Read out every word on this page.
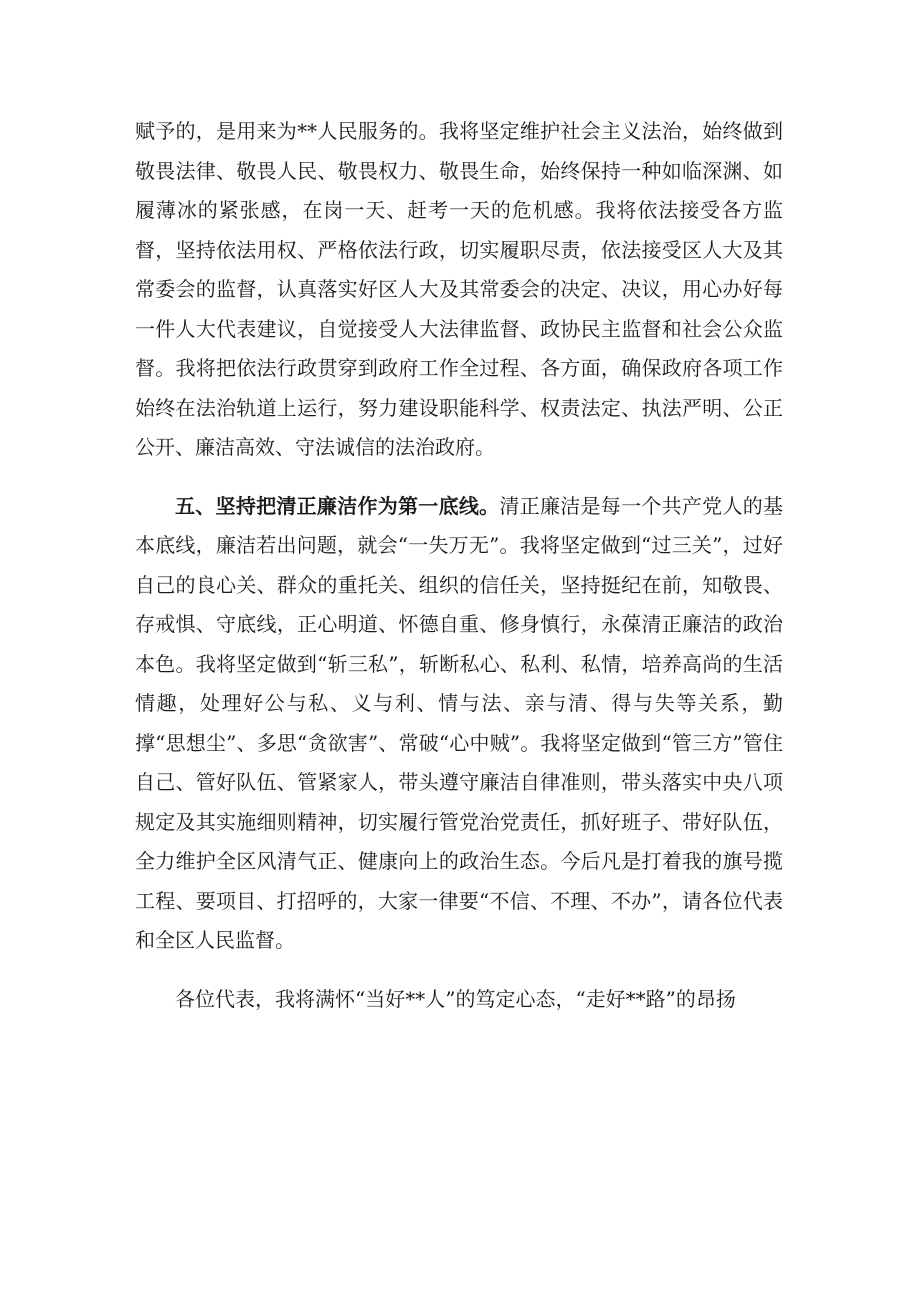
赋予的，是用来为**人民服务的。我将坚定维护社会主义法治，始终做到敬畏法律、敬畏人民、敬畏权力、敬畏生命，始终保持一种如临深渊、如履薄冰的紧张感，在岗一天、赶考一天的危机感。我将依法接受各方监督，坚持依法用权、严格依法行政，切实履职尽责，依法接受区人大及其常委会的监督，认真落实好区人大及其常委会的决定、决议，用心办好每一件人大代表建议，自觉接受人大法律监督、政协民主监督和社会公众监督。我将把依法行政贯穿到政府工作全过程、各方面，确保政府各项工作始终在法治轨道上运行，努力建设职能科学、权责法定、执法严明、公正公开、廉洁高效、守法诚信的法治政府。

五、坚持把清正廉洁作为第一底线。清正廉洁是每一个共产党人的基本底线，廉洁若出问题，就会“一失万无”。我将坚定做到“过三关”，过好自己的良心关、群众的重托关、组织的信任关，坚持挺纪在前，知敬畏、存戒惧、守底线，正心明道、怀德自重、修身慎行，永葆清正廉洁的政治本色。我将坚定做到“斩三私”，斩断私心、私利、私情，培养高尚的生活情趣，处理好公与私、义与利、情与法、亲与清、得与失等关系，勤撑“思想尘”、多思“贪欲害”、常破“心中贼”。我将坚定做到“管三方”管住自己、管好队伍、管紧家人，带头遵守廉洁自律准则，带头落实中央八项规定及其实施细则精神，切实履行管党治党责任，抓好班子、带好队伍，全力维护全区风清气正、健康向上的政治生态。今后凡是打着我的旗号揽工程、要项目、打招呼的，大家一律要“不信、不理、不办”，请各位代表和全区人民监督。

各位代表，我将满怀“当好**人”的笃定心态，“走好**路”的昂扬
